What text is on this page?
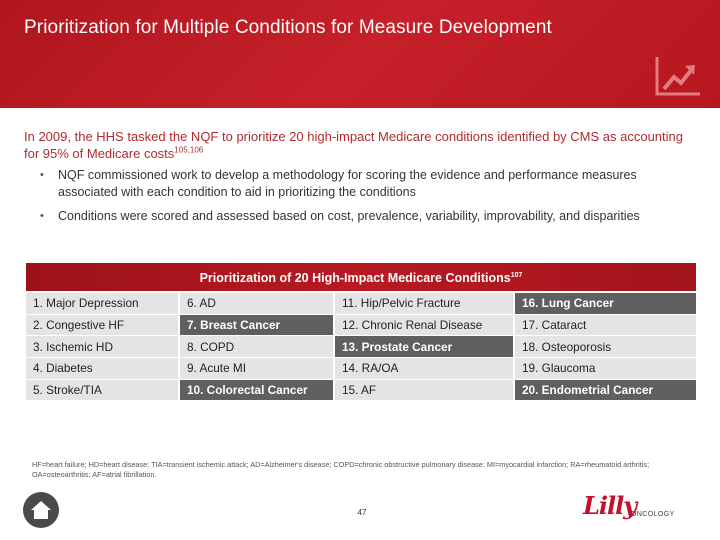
Prioritization for Multiple Conditions for Measure Development
In 2009, the HHS tasked the NQF to prioritize 20 high-impact Medicare conditions identified by CMS as accounting for 95% of Medicare costs$^{105,106}$
• NQF commissioned work to develop a methodology for scoring the evidence and performance measures associated with each condition to aid in prioritizing the conditions
• Conditions were scored and assessed based on cost, prevalence, variability, improvability, and disparities
Prioritization of 20 High-Impact Medicare Conditions$^{107}$
1. Major Depression	6. AD	11. Hip/Pelvic Fracture	16. Lung Cancer
2. Congestive HF	7. Breast Cancer	12. Chronic Renal Disease	17. Cataract
3. Ischemic HD	8. COPD	13. Prostate Cancer	18. Osteoporosis
4. Diabetes	9. Acute MI	14. RA/OA	19. Glaucoma
5. Stroke/TIA	10. Colorectal Cancer	15. AF	20. Endometrial Cancer
HF=heart failure; HD=heart disease; TIA=transient ischemic attack; AD=Alzheimer's disease; COPD=chronic obstructive pulmonary disease; MI=myocardial infarction; RA=rheumatoid arthritis; OA=osteoarthritis; AF=atrial fibrillation.
47	Lilly
ONCOLOGY
